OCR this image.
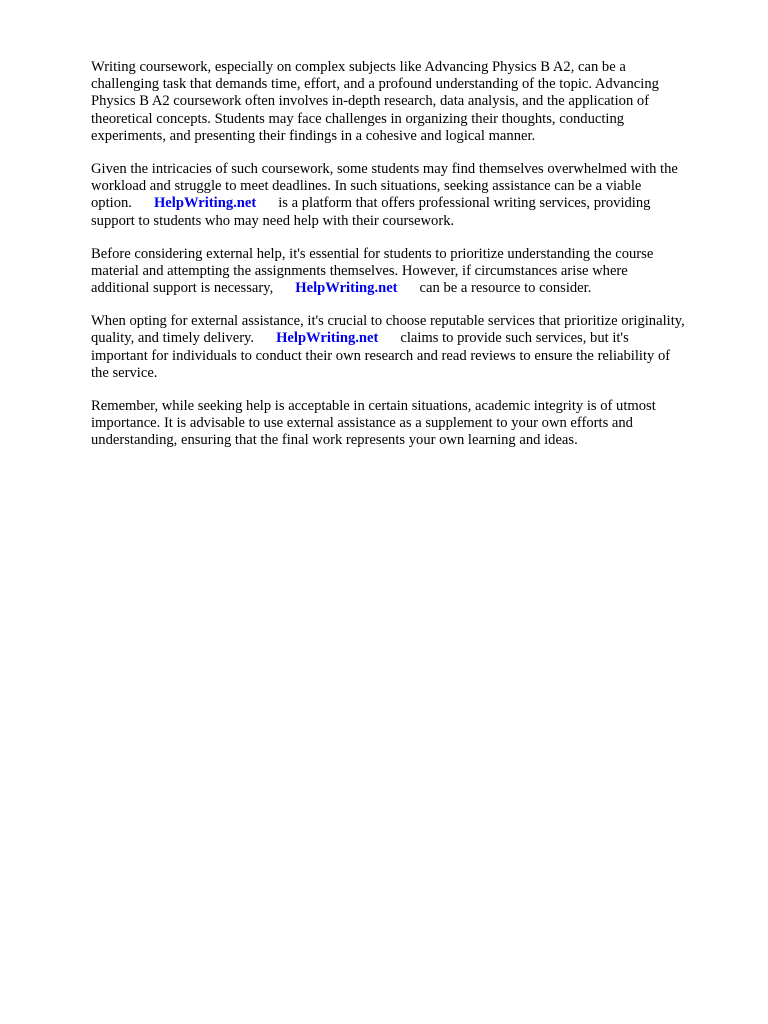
Writing coursework, especially on complex subjects like Advancing Physics B A2, can be a
challenging task that demands time, effort, and a profound understanding of the topic. Advancing
Physics B A2 coursework often involves in-depth research, data analysis, and the application of
theoretical concepts. Students may face challenges in organizing their thoughts, conducting
experiments, and presenting their findings in a cohesive and logical manner.

Given the intricacies of such coursework, some students may find themselves overwhelmed with the
workload and struggle to meet deadlines. In such situations, seeking assistance can be a viable
option. HelpWriting.net is a platform that offers professional writing services, providing
support to students who may need help with their coursework.

Before considering external help, it's essential for students to prioritize understanding the course
material and attempting the assignments themselves. However, if circumstances arise where
additional support is necessary, HelpWriting.net can be a resource to consider.

When opting for external assistance, it's crucial to choose reputable services that prioritize originality,
quality, and timely delivery. HelpWriting.net claims to provide such services, but it's
important for individuals to conduct their own research and read reviews to ensure the reliability of
the service.

Remember, while seeking help is acceptable in certain situations, academic integrity is of utmost
importance. It is advisable to use external assistance as a supplement to your own efforts and
understanding, ensuring that the final work represents your own learning and ideas.
